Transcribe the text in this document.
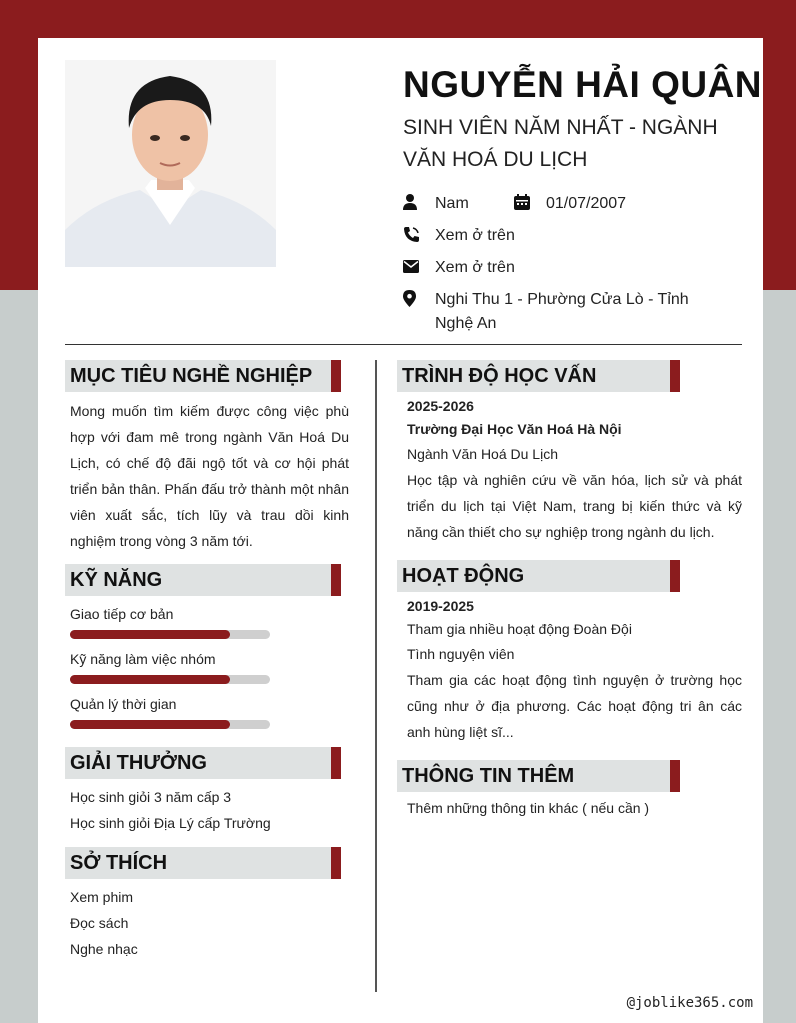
NGUYỄN HẢI QUÂN
SINH VIÊN NĂM NHẤT - NGÀNH VĂN HOÁ DU LỊCH
Nam	01/07/2007
Xem ở trên
Xem ở trên
Nghi Thu 1 - Phường Cửa Lò - Tỉnh Nghệ An
MỤC TIÊU NGHỀ NGHIỆP
Mong muốn tìm kiếm được công việc phù hợp với đam mê trong ngành Văn Hoá Du Lịch, có chế độ đãi ngộ tốt và cơ hội phát triển bản thân. Phấn đấu trở thành một nhân viên xuất sắc, tích lũy và trau dồi kinh nghiệm trong vòng 3 năm tới.
KỸ NĂNG
Giao tiếp cơ bản
Kỹ năng làm việc nhóm
Quản lý thời gian
GIẢI THƯỞNG
Học sinh giỏi 3 năm cấp 3
Học sinh giỏi Địa Lý cấp Trường
SỞ THÍCH
Xem phim
Đọc sách
Nghe nhạc
TRÌNH ĐỘ HỌC VẤN
2025-2026
Trường Đại Học Văn Hoá Hà Nội
Ngành Văn Hoá Du Lịch
Học tập và nghiên cứu về văn hóa, lịch sử và phát triển du lịch tại Việt Nam, trang bị kiến thức và kỹ năng cần thiết cho sự nghiệp trong ngành du lịch.
HOẠT ĐỘNG
2019-2025
Tham gia nhiều hoạt động Đoàn Đội
Tình nguyện viên
Tham gia các hoạt động tình nguyện ở trường học cũng như ở địa phương. Các hoạt động tri ân các anh hùng liệt sĩ...
THÔNG TIN THÊM
Thêm những thông tin khác ( nếu cần )
@joblike365.com
